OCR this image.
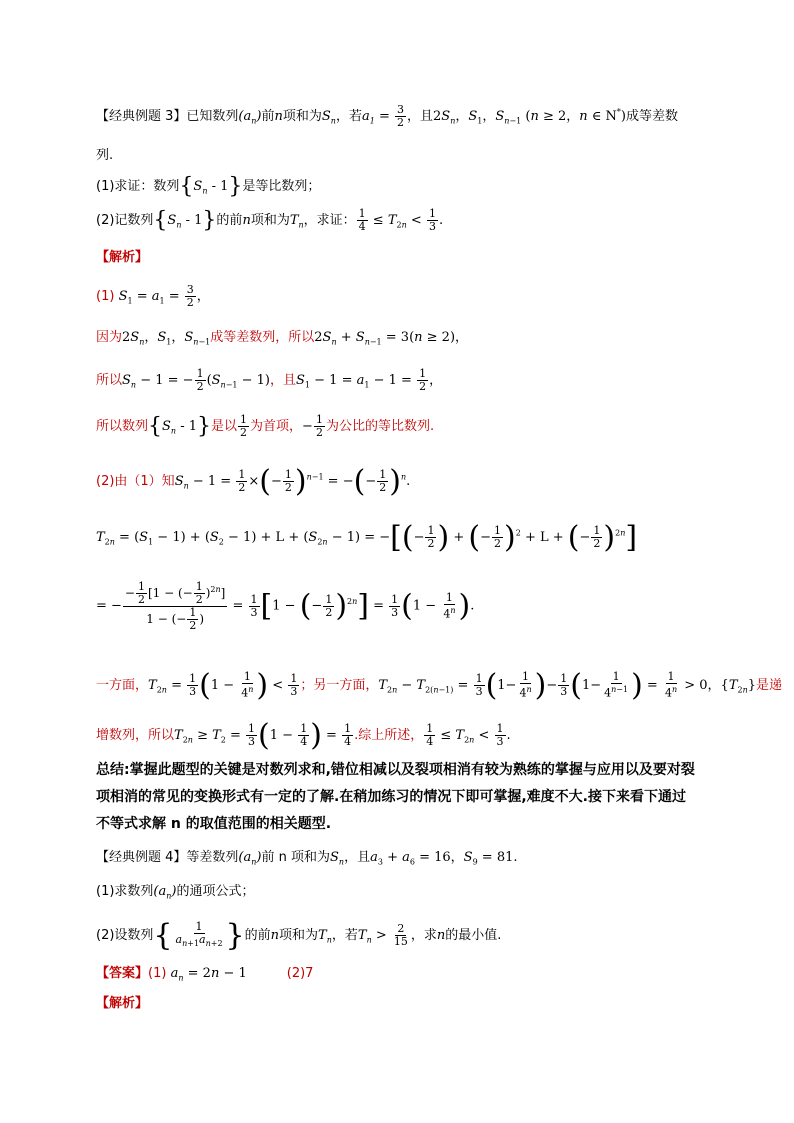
【经典例题 3】已知数列$(a_n)$前n项和为$S_n$，若$a_1 = \frac{3}{2}$ ，且$2S_n$，$S_1$，$S_{n-1}$ (n ≥ 2，n ∈ N*)成等差数
列.
(1)求证：数列$\{S_n - 1\}$是等比数列；
(2)记数列$\{S_n - 1\}$的前n项和为$T_n$，求证： $\frac{1}{4} \le T_{2n} < \frac{1}{3}$ .
【解析】
(1) $S_1 = a_1 = \frac{3}{2}$ ，
因为$2S_n$，$S_1$，$S_{n-1}$成等差数列，所以$2S_n + S_{n-1} = 3(n \ge 2)$，
所以$S_n - 1$ = − $\frac{1}{2} (S_{n-1} - 1)$，且$S_1 - 1 = a_1 - 1 = \frac{1}{2}$ ，
所以数列$\{S_n - 1\}$是以 $\frac{1}{2}$ 为首项，− $\frac{1}{2}$ 为公比的等比数列.
(2)由（1）知$S_n - 1 = \frac{1}{2}$ ×(− $\frac{1}{2} )^{n-1}$ = −(− $\frac{1}{2} )^n$.
$T_{2n} = (S_1 - 1) + (S_2 - 1) + L + (S_{2n} - 1)$ = −[(− $\frac{1}{2}$ ) + (− $\frac{1}{2} )^2 + L$ + (− $\frac{1}{2} )^{2n}$]
= − $\frac{- \frac{1}{2} [1 - (- \frac{1}{2} )^{2n}]}{1 - (- \frac{1}{2} )} = \frac{1}{3} [1$ − (− $\frac{1}{2} )^{2n}] = \frac{1}{3} (1 - \frac{1}{4^n}$ ).
一方面，$T_{2n} = \frac{1}{3} (1 - \frac{1}{4^n}$ ) < $\frac{1}{3}$ ；另一方面，$T_{2n} - T_{2(n-1)} = \frac{1}{3} (1- \frac{1}{4^n}$ )− $\frac{1}{3} (1- \frac{1}{4^{n-1}}$ ) = $\frac{1}{4^n} > 0$，$\{T_{2n}\}$是递
增数列，所以$T_{2n} \ge T_2 = \frac{1}{3} (1 - \frac{1}{4}$ ) = $\frac{1}{4}$ .综上所述， $\frac{1}{4} \le T_{2n} < \frac{1}{3}$ .
总结:掌握此题型的关键是对数列求和,错位相减以及裂项相消有较为熟练的掌握与应用以及要对裂项相消的常见的变换形式有一定的了解.在稍加练习的情况下即可掌握,难度不大.接下来看下通过不等式求解 n 的取值范围的相关题型.
【经典例题 4】等差数列$(a_n)$前 n 项和为$S_n$，且$a_3 + a_6 = 16$，$S_9 = 81$.
(1)求数列$(a_n)$的通项公式；
(2)设数列{ $\frac{1}{a_{n+1}a_{n+2}}$ }的前n项和为$T_n$，若$T_n > \frac{2}{15}$ ，求n的最小值.
【答案】(1) $a_n = 2n - 1$	(2)7
【解析】
